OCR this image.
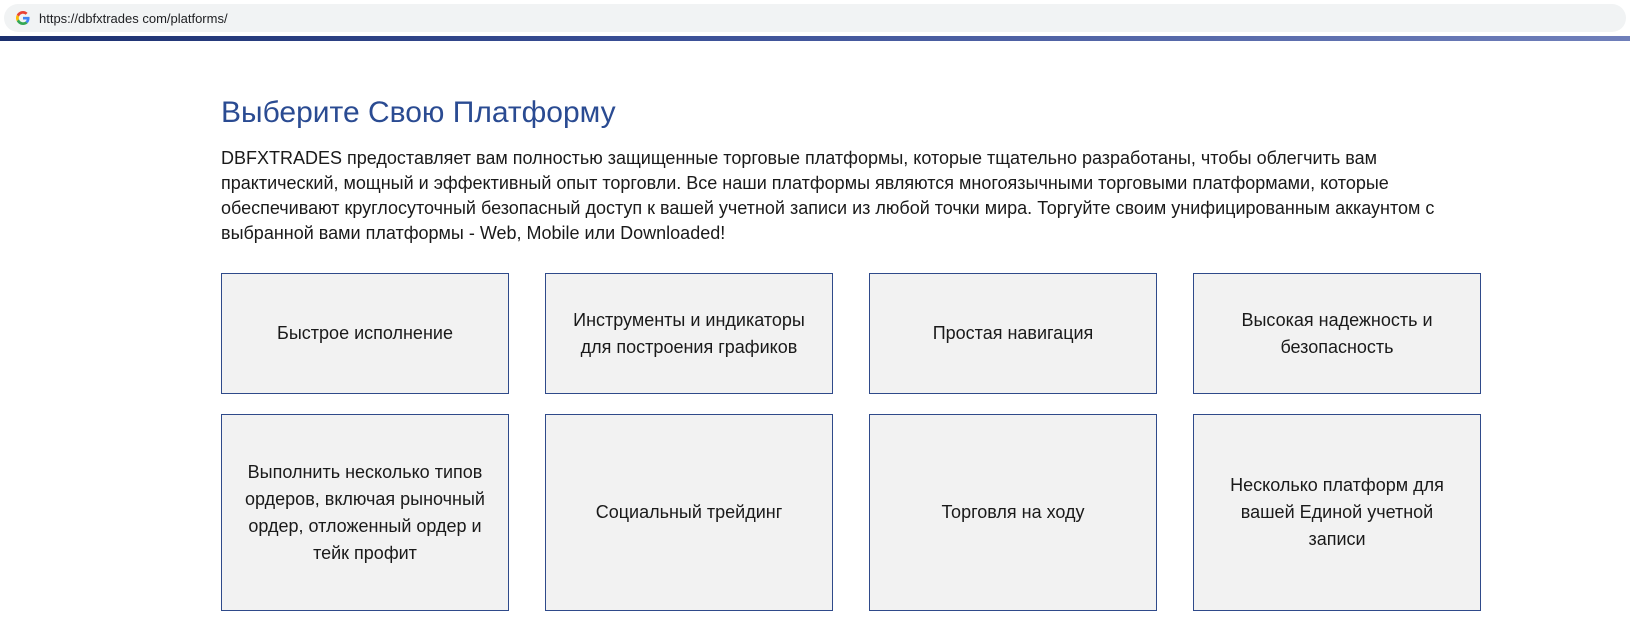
https://dbfxtrades com/platforms/
Выберите Свою Платформу

DBFXTRADES предоставляет вам полностью защищенные торговые платформы, которые тщательно разработаны, чтобы облегчить вам практический, мощный и эффективный опыт торговли. Все наши платформы являются многоязычными торговыми платформами, которые обеспечивают круглосуточный безопасный доступ к вашей учетной записи из любой точки мира. Торгуйте своим унифицированным аккаунтом с выбранной вами платформы - Web, Mobile или Downloaded!

Быстрое исполнение
Инструменты и индикаторы для построения графиков
Простая навигация
Высокая надежность и безопасность
Выполнить несколько типов ордеров, включая рыночный ордер, отложенный ордер и тейк профит
Социальный трейдинг	Торговля на ходу
Несколько платформ для вашей Единой учетной записи
